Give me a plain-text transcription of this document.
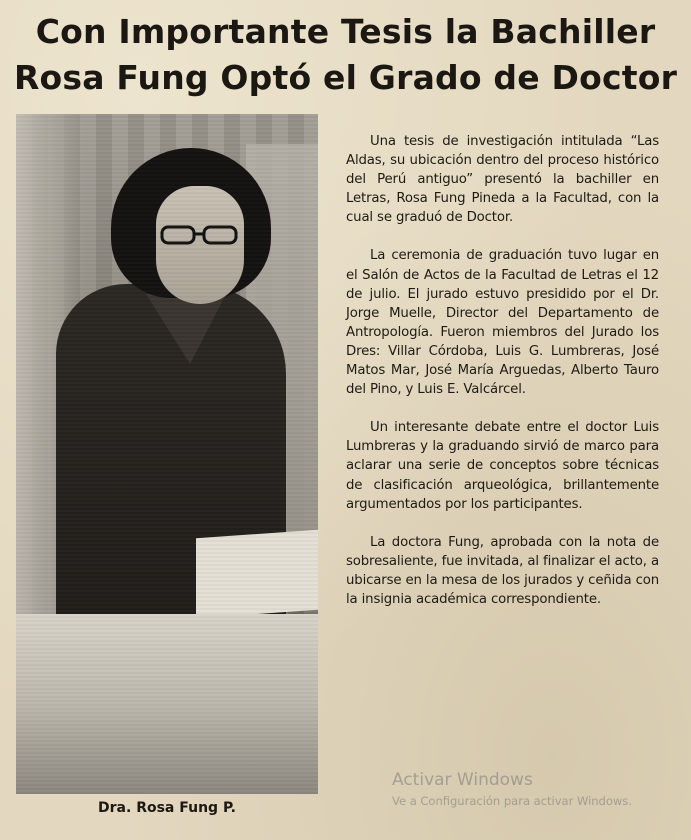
Con Importante Tesis la Bachiller
Rosa Fung Optó el Grado de Doctor
Dra. Rosa Fung P.

Una tesis de investigación intitulada “Las Aldas, su ubicación dentro del proceso histórico del Perú antiguo” presentó la bachiller en Letras, Rosa Fung Pineda a la Facultad, con la cual se graduó de Doctor.

La ceremonia de graduación tuvo lugar en el Salón de Actos de la Facultad de Letras el 12 de julio. El jurado estuvo presidido por el Dr. Jorge Muelle, Director del Departamento de Antropología. Fueron miembros del Jurado los Dres: Villar Córdoba, Luis G. Lumbreras, José Matos Mar, José María Arguedas, Alberto Tauro del Pino, y Luis E. Valcárcel.

Un interesante debate entre el doctor Luis Lumbreras y la graduando sirvió de marco para aclarar una serie de conceptos sobre técnicas de clasificación arqueológica, brillantemente argumentados por los participantes.

La doctora Fung, aprobada con la nota de sobresaliente, fue invitada, al finalizar el acto, a ubicarse en la mesa de los jurados y ceñida con la insignia académica correspondiente.

Activar Windows
Ve a Configuración para activar Windows.
